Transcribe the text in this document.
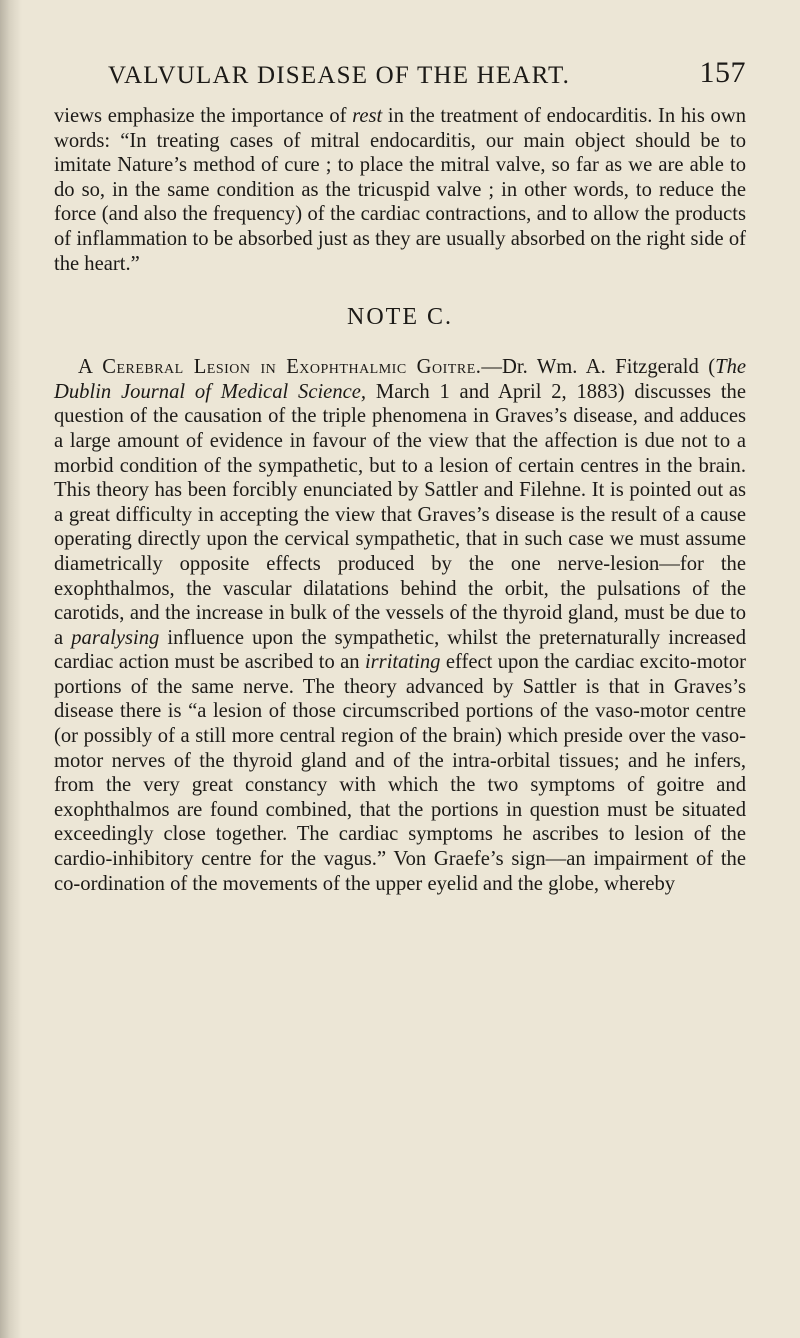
VALVULAR DISEASE OF THE HEART.	157

views emphasize the importance of rest in the treatment of endocarditis. In his own words: “In treating cases of mitral endocarditis, our main object should be to imitate Nature’s method of cure ; to place the mitral valve, so far as we are able to do so, in the same condition as the tricuspid valve ; in other words, to reduce the force (and also the frequency) of the cardiac contractions, and to allow the products of inflammation to be absorbed just as they are usually absorbed on the right side of the heart.”

NOTE C.

A Cerebral Lesion in Exophthalmic Goitre.—Dr. Wm. A. Fitzgerald (The Dublin Journal of Medical Science, March 1 and April 2, 1883) discusses the question of the causation of the triple phenomena in Graves’s disease, and adduces a large amount of evidence in favour of the view that the affection is due not to a morbid condition of the sympathetic, but to a lesion of certain centres in the brain. This theory has been forcibly enunciated by Sattler and Filehne. It is pointed out as a great difficulty in accepting the view that Graves’s disease is the result of a cause operating directly upon the cervical sympathetic, that in such case we must assume diametrically opposite effects produced by the one nerve-lesion—for the exophthalmos, the vascular dilatations behind the orbit, the pulsations of the carotids, and the increase in bulk of the vessels of the thyroid gland, must be due to a paralysing influence upon the sympathetic, whilst the preternaturally increased cardiac action must be ascribed to an irritating effect upon the cardiac excito-motor portions of the same nerve. The theory advanced by Sattler is that in Graves’s disease there is “a lesion of those circumscribed portions of the vaso-motor centre (or possibly of a still more central region of the brain) which preside over the vaso-motor nerves of the thyroid gland and of the intra-orbital tissues; and he infers, from the very great constancy with which the two symptoms of goitre and exophthalmos are found combined, that the portions in question must be situated exceedingly close together. The cardiac symptoms he ascribes to lesion of the cardio-inhibitory centre for the vagus.” Von Graefe’s sign—an impairment of the co-ordination of the movements of the upper eyelid and the globe, whereby
